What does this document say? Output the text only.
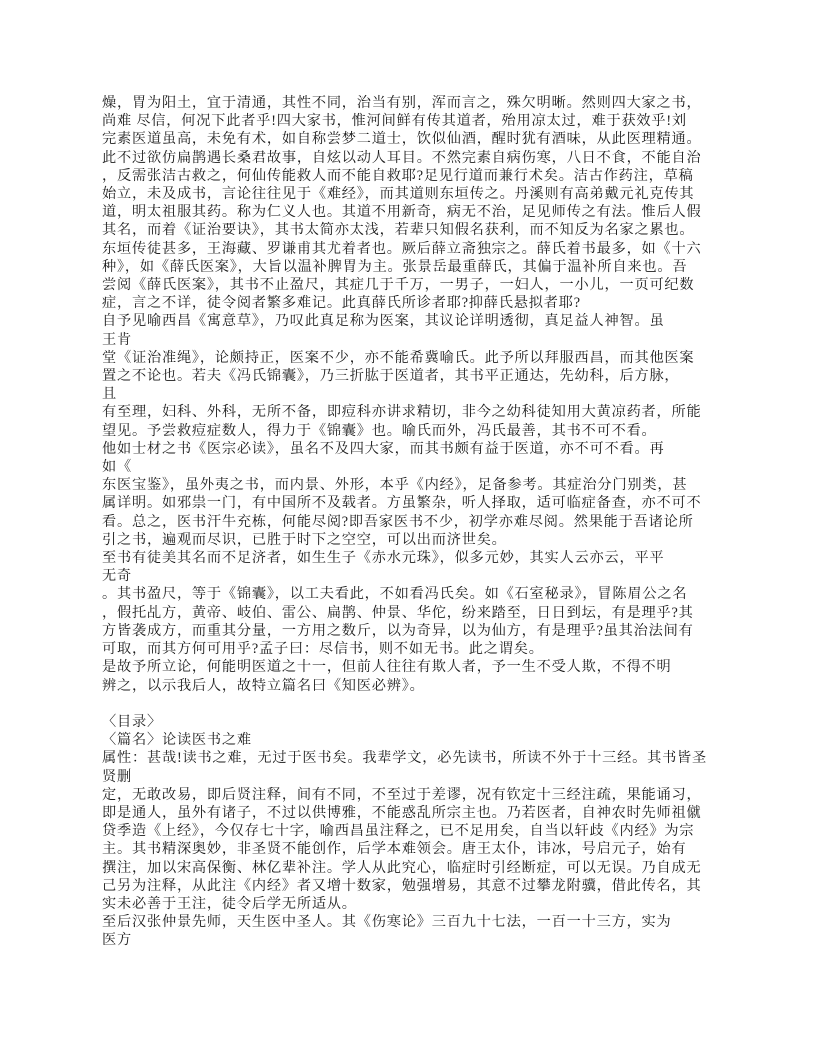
燥，胃为阳土，宜于清通，其性不同，治当有别，浑而言之，殊欠明晰。然则四大家之书，
尚难 尽信，何况下此者乎!四大家书，惟河间鲜有传其道者，殆用凉太过，难于获效乎!刘
完素医道虽高，未免有术，如自称尝梦二道士，饮似仙酒，醒时犹有酒味，从此医理精通。
此不过欲仿扁鹊遇长桑君故事，自炫以动人耳目。不然完素自病伤寒，八日不食，不能自治
，反需张洁古救之，何仙传能救人而不能自救耶?足见行道而兼行术矣。洁古作药注，草稿
始立，未及成书，言论往往见于《难经》，而其道则东垣传之。丹溪则有高弟戴元礼克传其
道，明太祖服其药。称为仁义人也。其道不用新奇，病无不治，足见师传之有法。惟后人假
其名，而着《证治要诀》，其书太简亦太浅，若辈只知假名获利，而不知反为名家之累也。
东垣传徒甚多，王海藏、罗谦甫其尤着者也。厥后薛立斋独宗之。薛氏着书最多，如《十六
种》，如《薛氏医案》，大旨以温补脾胃为主。张景岳最重薛氏，其偏于温补所自来也。吾
尝阅《薛氏医案》，其书不止盈尺，其症几于千万，一男子，一妇人，一小儿，一页可纪数
症，言之不详，徒令阅者繁多难记。此真薛氏所诊者耶?抑薛氏悬拟者耶?
自予见喻西昌《寓意草》，乃叹此真足称为医案，其议论详明透彻，真足益人神智。虽
王肯
堂《证治准绳》，论颇持正，医案不少，亦不能希冀喻氏。此予所以拜服西昌，而其他医案
置之不论也。若夫《冯氏锦囊》，乃三折肱于医道者，其书平正通达，先幼科，后方脉，
且
有至理，妇科、外科，无所不备，即痘科亦讲求精切，非今之幼科徒知用大黄凉药者，所能
望见。予尝救痘症数人，得力于《锦囊》也。喻氏而外，冯氏最善，其书不可不看。
他如士材之书《医宗必读》，虽名不及四大家，而其书颇有益于医道，亦不可不看。再
如《
东医宝鉴》，虽外夷之书，而内景、外形，本乎《内经》，足备参考。其症治分门别类，甚
属详明。如邪祟一门，有中国所不及载者。方虽繁杂，听人择取，适可临症备查，亦不可不
看。总之，医书汗牛充栋，何能尽阅?即吾家医书不少，初学亦难尽阅。然果能于吾诸论所
引之书，遍观而尽识，已胜于时下之空空，可以出而济世矣。
至书有徒美其名而不足济者，如生生子《赤水元珠》，似多元妙，其实人云亦云，平平
无奇
。其书盈尺，等于《锦囊》，以工夫看此，不如看冯氏矣。如《石室秘录》，冒陈眉公之名
，假托乩方，黄帝、岐伯、雷公、扁鹊、仲景、华佗，纷来踏至，日日到坛，有是理乎?其
方皆袭成方，而重其分量，一方用之数斤，以为奇异，以为仙方，有是理乎?虽其治法间有
可取，而其方何可用乎?孟子曰：尽信书，则不如无书。此之谓矣。
是故予所立论，何能明医道之十一，但前人往往有欺人者，予一生不受人欺，不得不明
辨之，以示我后人，故特立篇名曰《知医必辨》。
〈目录〉
〈篇名〉论读医书之难
属性：甚哉!读书之难，无过于医书矣。我辈学文，必先读书，所读不外于十三经。其书皆圣
贤删
定，无敢改易，即后贤注释，间有不同，不至过于差谬，况有钦定十三经注疏，果能诵习，
即是通人，虽外有诸子，不过以供博雅，不能惑乱所宗主也。乃若医者，自神农时先师祖僦
贷季造《上经》，今仅存七十字，喻西昌虽注释之，已不足用矣，自当以轩歧《内经》为宗
主。其书精深奥妙，非圣贤不能创作，后学本难领会。唐王太仆，讳冰，号启元子，始有
撰注，加以宋高保衡、林亿辈补注。学人从此究心，临症时引经断症，可以无误。乃自成无
己另为注释，从此注《内经》者又增十数家，勉强增易，其意不过攀龙附骥，借此传名，其
实未必善于王注，徒令后学无所适从。
至后汉张仲景先师，天生医中圣人。其《伤寒论》三百九十七法，一百一十三方，实为
医方
